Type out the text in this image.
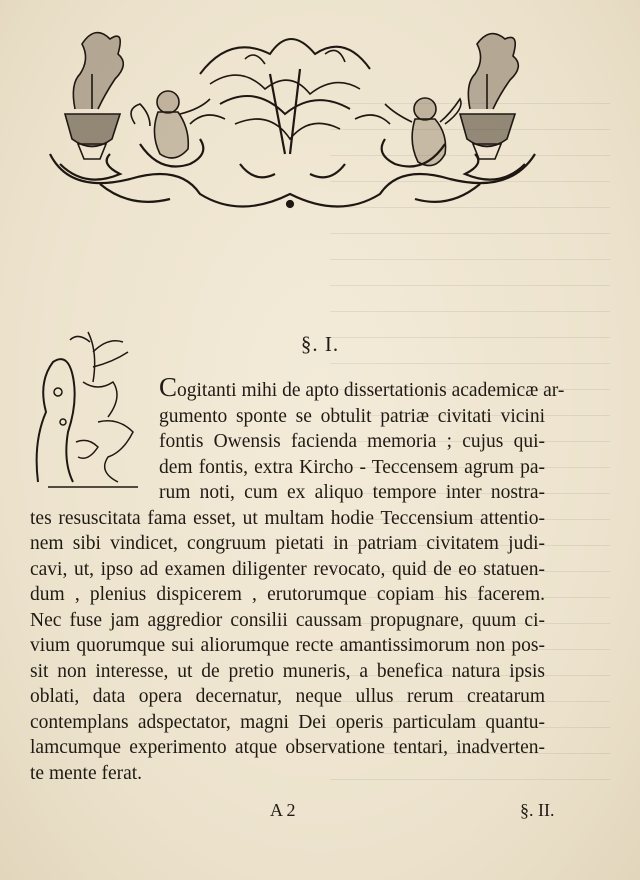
§. I.
Cogitanti mihi de apto dissertationis academicæ ar-
gumento sponte se obtulit patriæ civitati vicini
fontis Owensis facienda memoria ; cujus qui-
dem fontis, extra Kircho - Teccensem agrum pa-
rum noti, cum ex aliquo tempore inter nostra-
tes resuscitata fama esset, ut multam hodie Teccensium attentio-
nem sibi vindicet, congruum pietati in patriam civitatem judi-
cavi, ut, ipso ad examen diligenter revocato, quid de eo statuen-
dum , plenius dispicerem , erutorumque copiam his facerem.
Nec fuse jam aggredior consilii caussam propugnare, quum ci-
vium quorumque sui aliorumque recte amantissimorum non pos-
sit non interesse, ut de pretio muneris, a benefica natura ipsis
oblati, data opera decernatur, neque ullus rerum creatarum
contemplans adspectator, magni Dei operis particulam quantu-
lamcumque experimento atque observatione tentari, inadverten-
te mente ferat.
A 2	§. II.
